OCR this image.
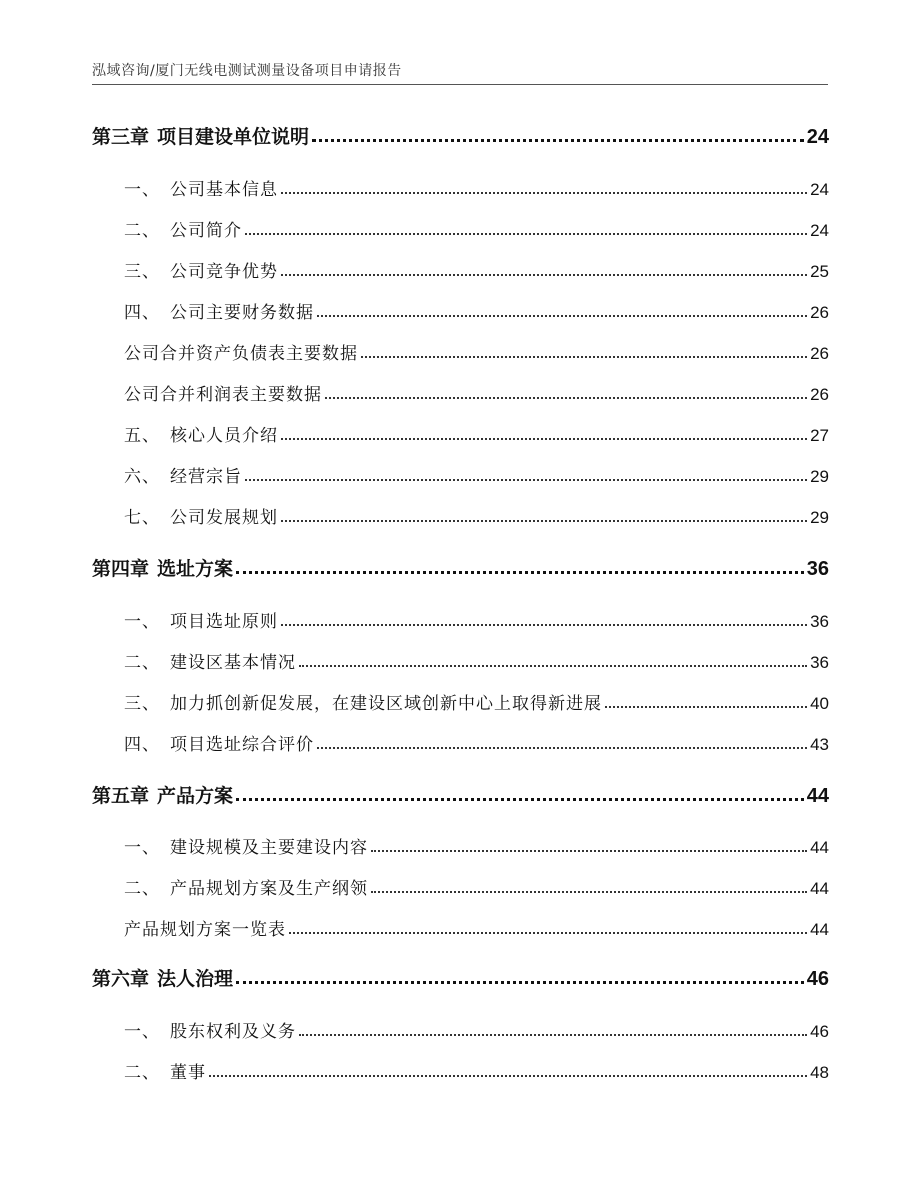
泓域咨询/厦门无线电测试测量设备项目申请报告
第三章 项目建设单位说明	24
一、 公司基本信息	24
二、 公司简介	24
三、 公司竞争优势	25
四、 公司主要财务数据	26
公司合并资产负债表主要数据	26
公司合并利润表主要数据	26
五、 核心人员介绍	27
六、 经营宗旨	29
七、 公司发展规划	29
第四章 选址方案	36
一、 项目选址原则	36
二、 建设区基本情况	36
三、 加力抓创新促发展，在建设区域创新中心上取得新进展	40
四、 项目选址综合评价	43
第五章 产品方案	44
一、 建设规模及主要建设内容	44
二、 产品规划方案及生产纲领	44
产品规划方案一览表	44
第六章 法人治理	46
一、 股东权利及义务	46
二、 董事	48
